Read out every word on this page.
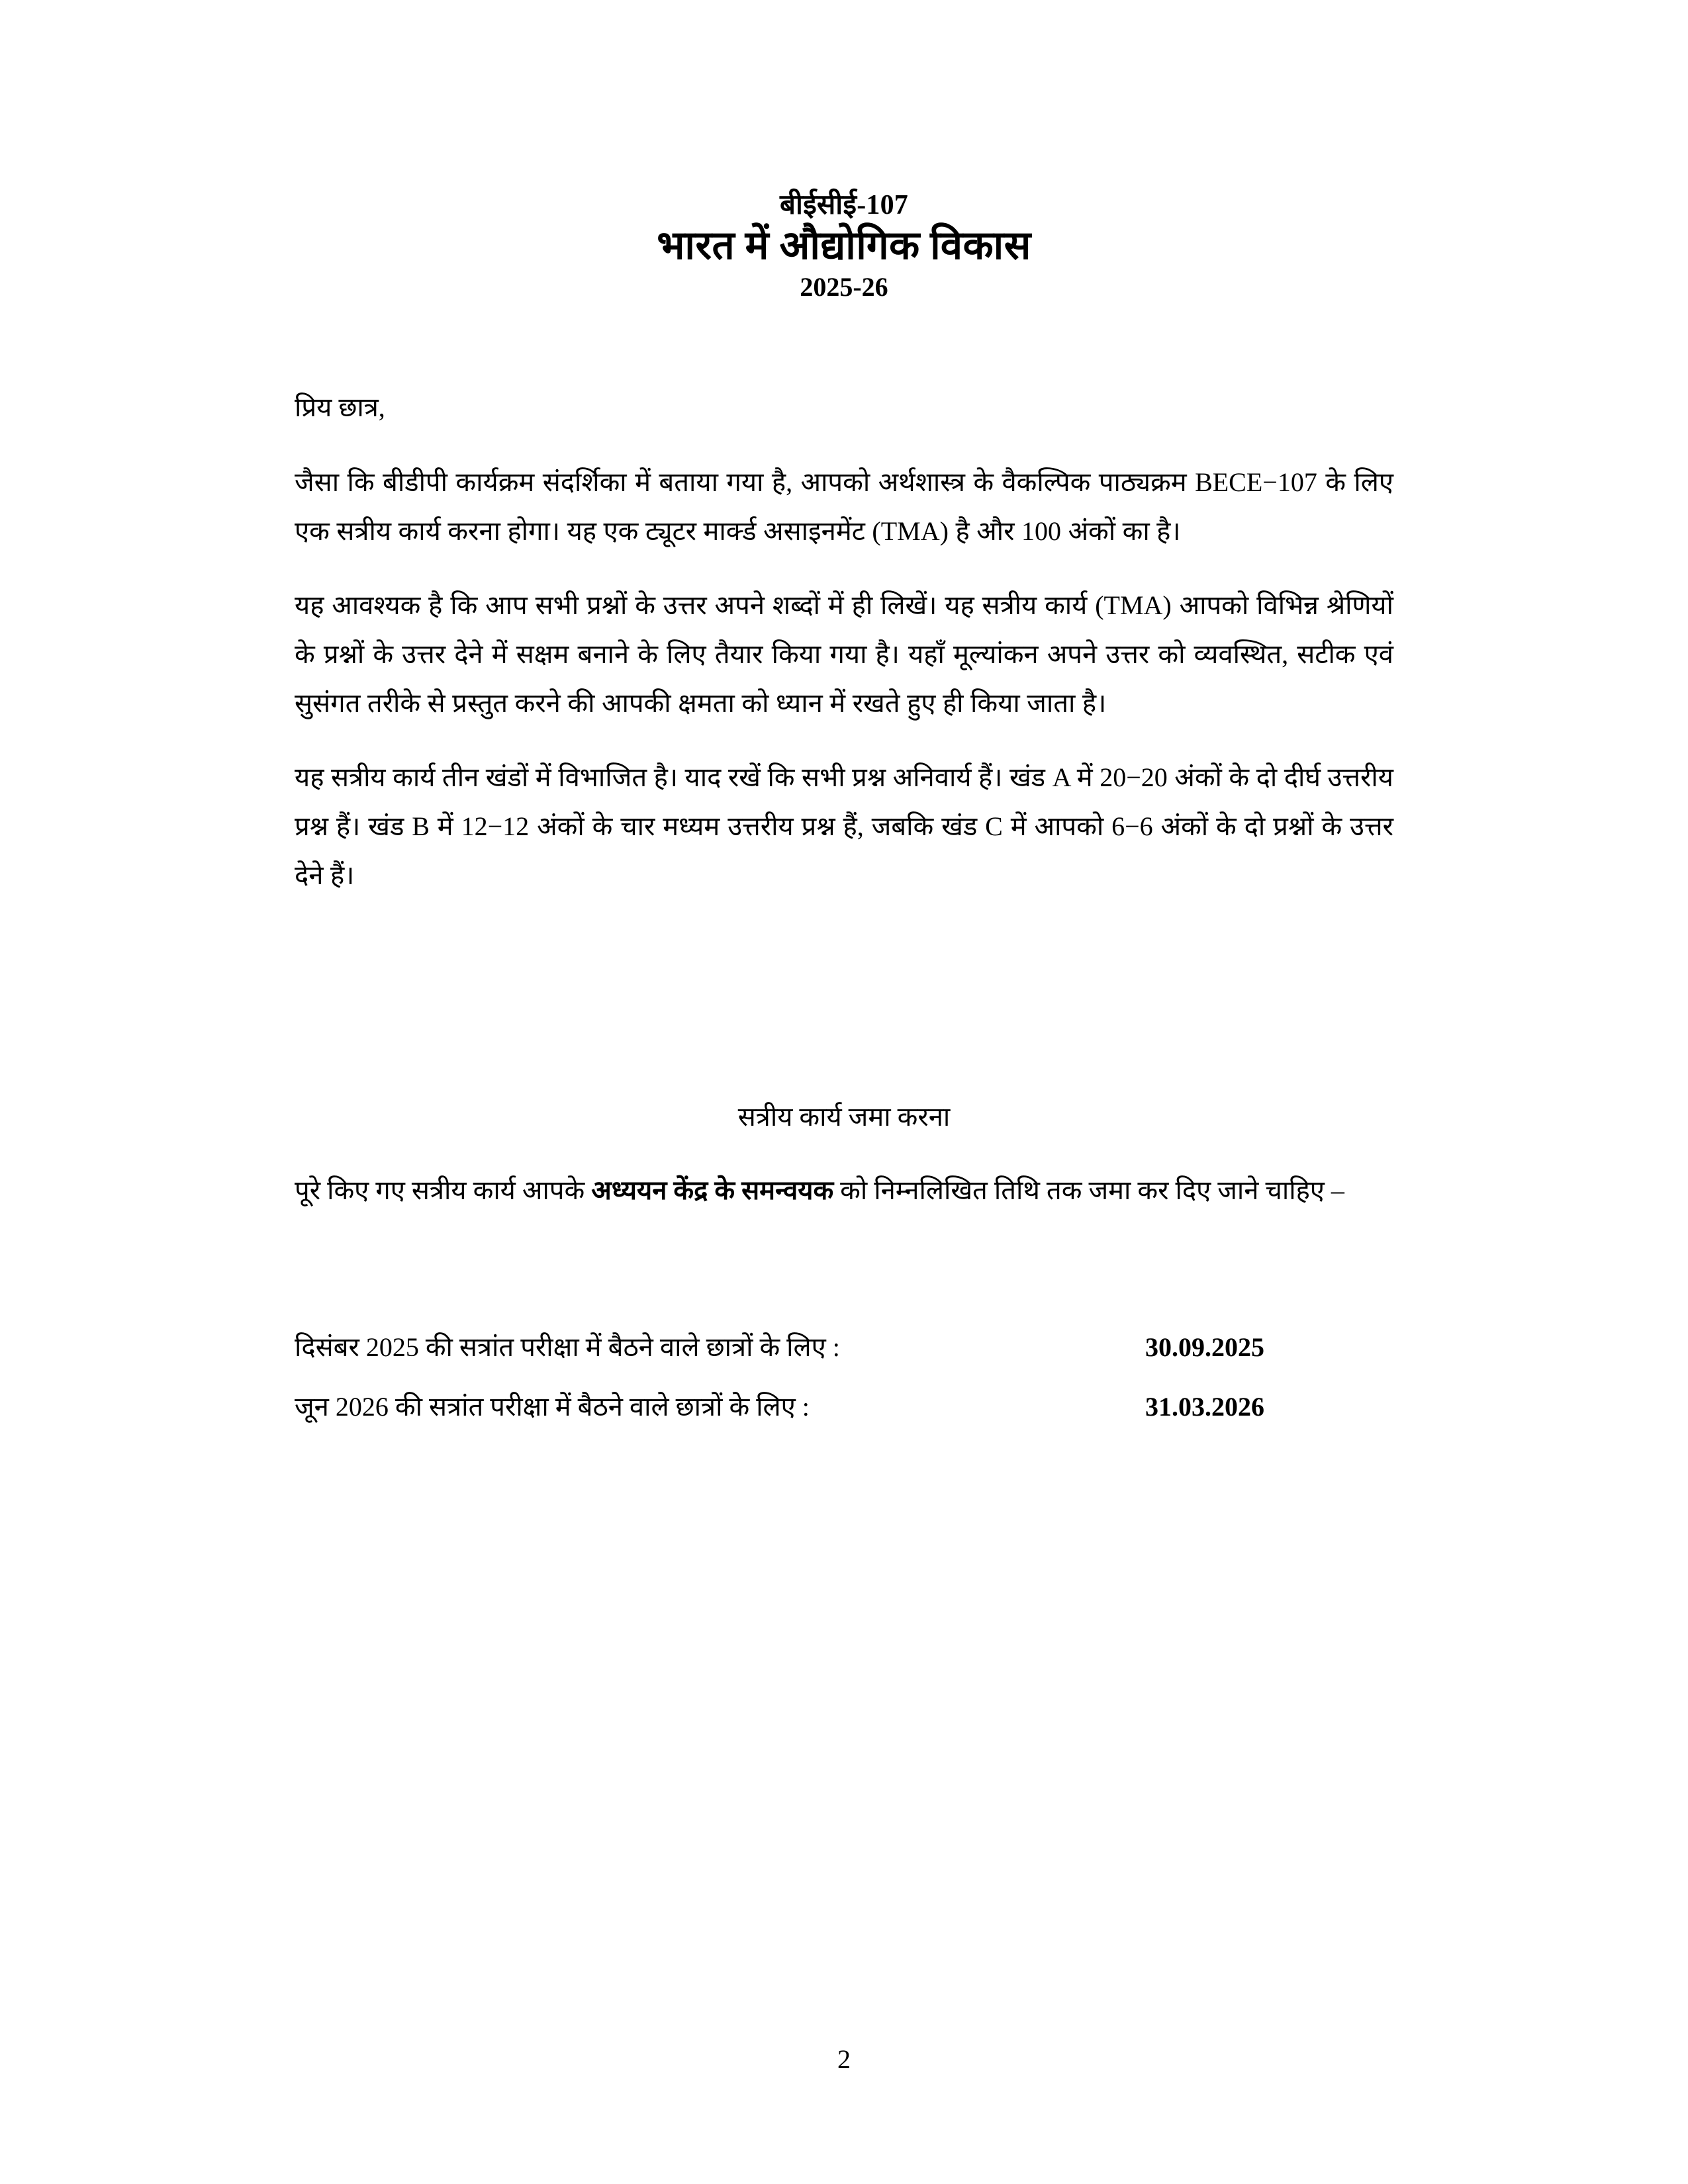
बीईसीई-107
भारत में औद्योगिक विकास
2025-26
प्रिय छात्र,

जैसा कि बीडीपी कार्यक्रम संदर्शिका में बताया गया है, आपको अर्थशास्त्र के वैकल्पिक पाठ्यक्रम BECE−107 के लिए एक सत्रीय कार्य करना होगा। यह एक ट्यूटर मार्क्ड असाइनमेंट (TMA) है और 100 अंकों का है।

यह आवश्यक है कि आप सभी प्रश्नों के उत्तर अपने शब्दों में ही लिखें। यह सत्रीय कार्य (TMA) आपको विभिन्न श्रेणियों के प्रश्नों के उत्तर देने में सक्षम बनाने के लिए तैयार किया गया है। यहाँ मूल्यांकन अपने उत्तर को व्यवस्थित, सटीक एवं सुसंगत तरीके से प्रस्तुत करने की आपकी क्षमता को ध्यान में रखते हुए ही किया जाता है।

यह सत्रीय कार्य तीन खंडों में विभाजित है। याद रखें कि सभी प्रश्न अनिवार्य हैं। खंड A में 20−20 अंकों के दो दीर्घ उत्तरीय प्रश्न हैं। खंड B में 12−12 अंकों के चार मध्यम उत्तरीय प्रश्न हैं, जबकि खंड C में आपको 6−6 अंकों के दो प्रश्नों के उत्तर देने हैं।

सत्रीय कार्य जमा करना

पूरे किए गए सत्रीय कार्य आपके अध्ययन केंद्र के समन्वयक को निम्नलिखित तिथि तक जमा कर दिए जाने चाहिए –

दिसंबर 2025 की सत्रांत परीक्षा में बैठने वाले छात्रों के लिए :	30.09.2025
जून 2026 की सत्रांत परीक्षा में बैठने वाले छात्रों के लिए :	31.03.2026
2
